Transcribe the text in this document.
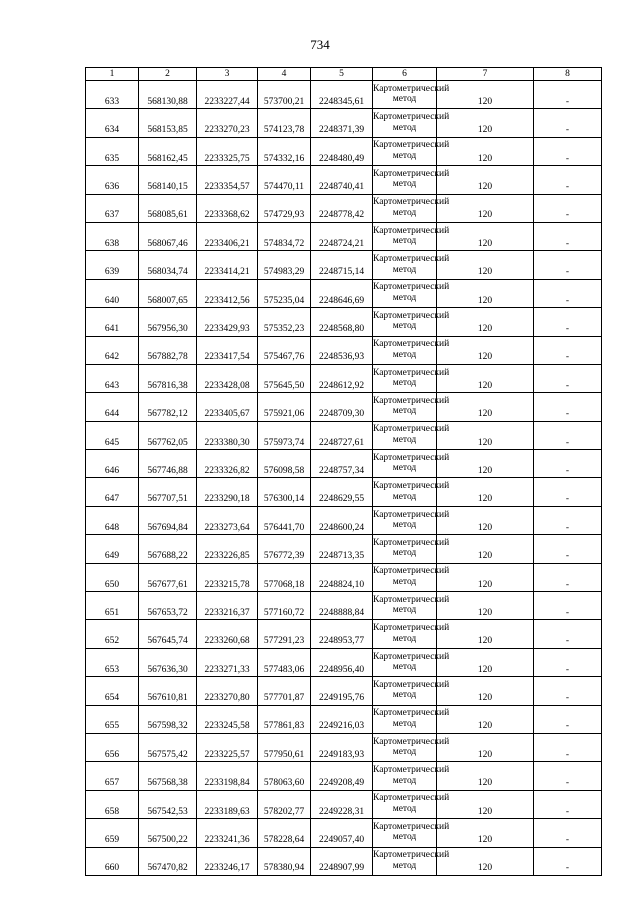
734
1	2	3	4	5	6	7	8
633	568130,88	2233227,44	573700,21	2248345,61	Картометрический метод	120	-
634	568153,85	2233270,23	574123,78	2248371,39	Картометрический метод	120	-
635	568162,45	2233325,75	574332,16	2248480,49	Картометрический метод	120	-
636	568140,15	2233354,57	574470,11	2248740,41	Картометрический метод	120	-
637	568085,61	2233368,62	574729,93	2248778,42	Картометрический метод	120	-
638	568067,46	2233406,21	574834,72	2248724,21	Картометрический метод	120	-
639	568034,74	2233414,21	574983,29	2248715,14	Картометрический метод	120	-
640	568007,65	2233412,56	575235,04	2248646,69	Картометрический метод	120	-
641	567956,30	2233429,93	575352,23	2248568,80	Картометрический метод	120	-
642	567882,78	2233417,54	575467,76	2248536,93	Картометрический метод	120	-
643	567816,38	2233428,08	575645,50	2248612,92	Картометрический метод	120	-
644	567782,12	2233405,67	575921,06	2248709,30	Картометрический метод	120	-
645	567762,05	2233380,30	575973,74	2248727,61	Картометрический метод	120	-
646	567746,88	2233326,82	576098,58	2248757,34	Картометрический метод	120	-
647	567707,51	2233290,18	576300,14	2248629,55	Картометрический метод	120	-
648	567694,84	2233273,64	576441,70	2248600,24	Картометрический метод	120	-
649	567688,22	2233226,85	576772,39	2248713,35	Картометрический метод	120	-
650	567677,61	2233215,78	577068,18	2248824,10	Картометрический метод	120	-
651	567653,72	2233216,37	577160,72	2248888,84	Картометрический метод	120	-
652	567645,74	2233260,68	577291,23	2248953,77	Картометрический метод	120	-
653	567636,30	2233271,33	577483,06	2248956,40	Картометрический метод	120	-
654	567610,81	2233270,80	577701,87	2249195,76	Картометрический метод	120	-
655	567598,32	2233245,58	577861,83	2249216,03	Картометрический метод	120	-
656	567575,42	2233225,57	577950,61	2249183,93	Картометрический метод	120	-
657	567568,38	2233198,84	578063,60	2249208,49	Картометрический метод	120	-
658	567542,53	2233189,63	578202,77	2249228,31	Картометрический метод	120	-
659	567500,22	2233241,36	578228,64	2249057,40	Картометрический метод	120	-
660	567470,82	2233246,17	578380,94	2248907,99	Картометрический метод	120	-
